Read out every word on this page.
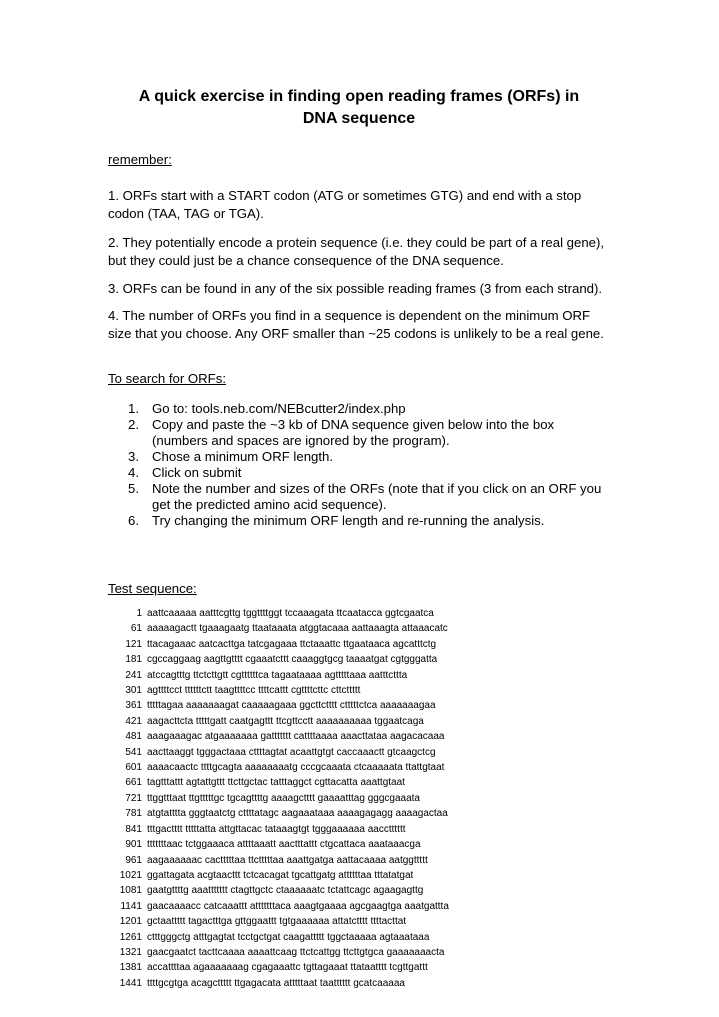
A quick exercise in finding open reading frames (ORFs) in
DNA sequence

remember:

1. ORFs start with a START codon (ATG or sometimes GTG) and end with a stop
codon (TAA, TAG or TGA).

2. They potentially encode a protein sequence (i.e. they could be part of a real gene),
but they could just be a chance consequence of the DNA sequence.

3. ORFs can be found in any of the six possible reading frames (3 from each strand).

4. The number of ORFs you find in a sequence is dependent on the minimum ORF
size that you choose. Any ORF smaller than ~25 codons is unlikely to be a real gene.

To search for ORFs:

1. Go to: tools.neb.com/NEBcutter2/index.php
2. Copy and paste the ~3 kb of DNA sequence given below into the box
(numbers and spaces are ignored by the program).
3. Chose a minimum ORF length.
4. Click on submit
5. Note the number and sizes of the ORFs (note that if you click on an ORF you
get the predicted amino acid sequence).
6. Try changing the minimum ORF length and re-running the analysis.

Test sequence:

1 aattcaaaaa aatttcgttg tggttttggt tccaaagata ttcaatacca ggtcgaatca
61 aaaaagactt tgaaagaatg ttaataaata atggtacaaa aattaaagta attaaacatc
121 ttacagaaac aatcacttga tatcgagaaa ttctaaattc ttgaataaca agcatttctg
181 cgccaggaag aagttgtttt cgaaatcttt caaaggtgcg taaaatgat cgtgggatta
241 atccagtttg ttctcttgtt cgttttttca tagaataaaa agtttttaaa aatttcttta
301 agttttcct ttttttctt taagttttcc ttttcattt cgttttcttc cttcttttt
361 tttttagaa aaaaaaagat caaaaagaaa ggcttctttt ctttttctca aaaaaaagaa
421 aagacttcta tttttgatt caatgagttt ttcgttcctt aaaaaaaaaa tggaatcaga
481 aaagaaagac atgaaaaaaa gattttttt cattttaaaa aaacttataa aagacacaaa
541 aacttaaggt tgggactaaa cttttagtat acaattgtgt caccaaactt gtcaagctcg
601 aaaacaactc ttttgcagta aaaaaaaatg cccgcaaata ctcaaaaata ttattgtaat
661 tagtttattt agtattgttt ttcttgctac tatttaggct cgttacatta aaattgtaat
721 ttggtttaat ttgtttttgc tgcagttttg aaaagctttt gaaaatttag gggcgaaata
781 atgtatttta gggtaatctg cttttatagc aagaaataaa aaaagagagg aaaagactaa
841 tttgactttt tttttatta attgttacac tataaagtgt tgggaaaaaa aacctttttt
901 tttttttaac tctggaaaca attttaaatt aactttattt ctgcattaca aaataaacga
961 aagaaaaaac cactttttaa ttctttttaa aaattgatga aattacaaaa aatggttttt
1021 ggattagata acgtaacttt tctcacagat tgcattgatg attttttaa tttatatgat
1081 gaatgttttg aaattttttt ctagttgctc ctaaaaaatc tctattcagc agaagagttg
1141 gaacaaaacc catcaaattt atttttttaca aaagtgaaaa agcgaagtga aaatgattta
1201 gctaattttt tagactttga gttggaattt tgtgaaaaaa attatctttt ttttacttat
1261 ctttgggctg atttgagtat tcctgctgat caagattttt tggctaaaaa agtaaataaa
1321 gaacgaatct tacttcaaaa aaaattcaag ttctcattgg ttcttgtgca gaaaaaaacta
1381 accattttaa agaaaaaaag cgagaaattc tgttagaaat ttataatttt tcgttgattt
1441 ttttgcgtga acagcttttt ttgagacata atttttaat taatttttt gcatcaaaaa
